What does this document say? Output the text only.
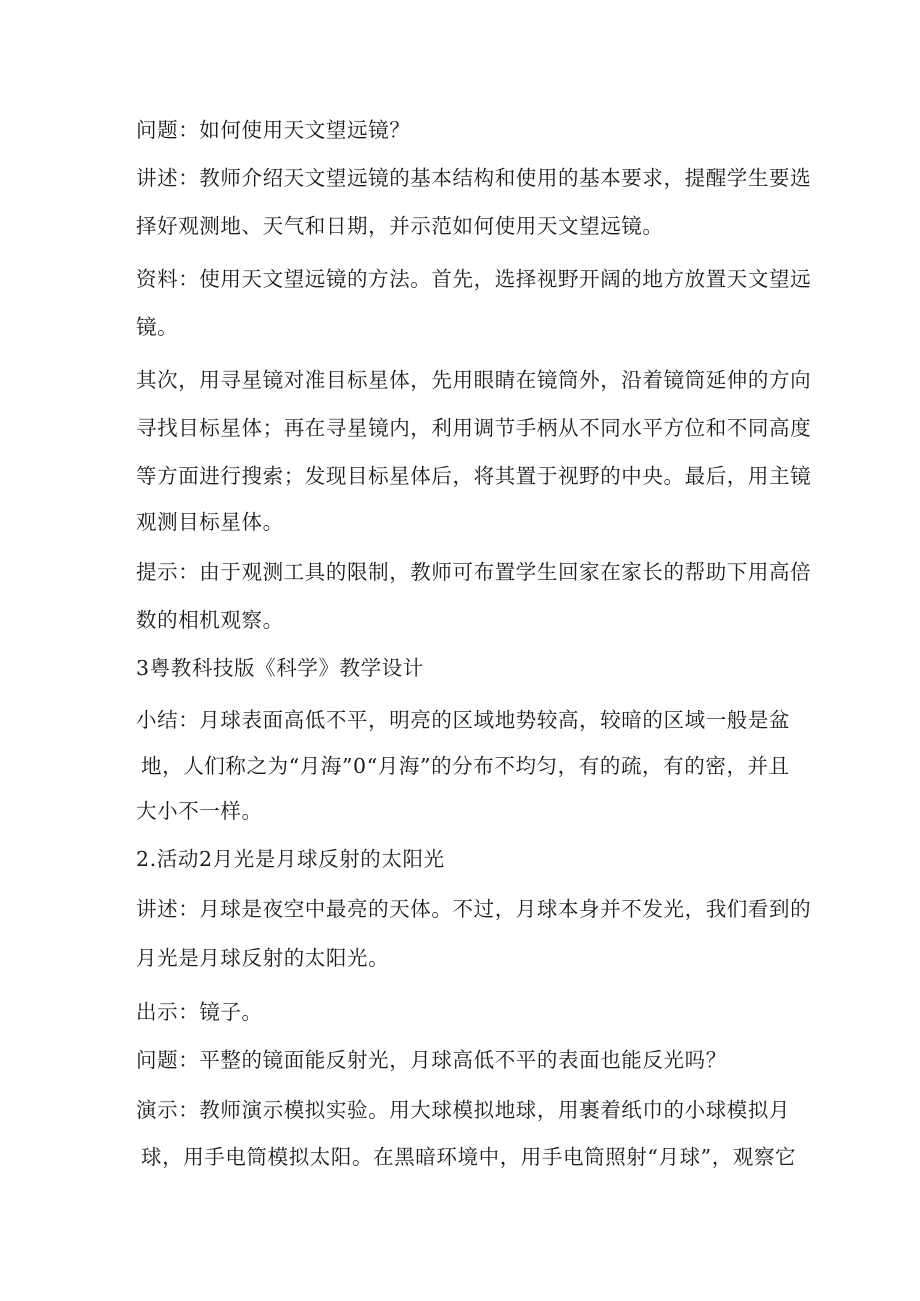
问题：如何使用天文望远镜？
讲述：教师介绍天文望远镜的基本结构和使用的基本要求，提醒学生要选
择好观测地、天气和日期，并示范如何使用天文望远镜。
资料：使用天文望远镜的方法。首先，选择视野开阔的地方放置天文望远
镜。
其次，用寻星镜对准目标星体，先用眼睛在镜筒外，沿着镜筒延伸的方向
寻找目标星体；再在寻星镜内，利用调节手柄从不同水平方位和不同高度
等方面进行搜索；发现目标星体后，将其置于视野的中央。最后，用主镜
观测目标星体。
提示：由于观测工具的限制，教师可布置学生回家在家长的帮助下用高倍
数的相机观察。
3粤教科技版《科学》教学设计
小结：月球表面高低不平，明亮的区域地势较高，较暗的区域一般是盆
地，人们称之为“月海”0“月海”的分布不均匀，有的疏，有的密，并且
大小不一样。
2.活动2月光是月球反射的太阳光
讲述：月球是夜空中最亮的天体。不过，月球本身并不发光，我们看到的
月光是月球反射的太阳光。
出示：镜子。
问题：平整的镜面能反射光，月球高低不平的表面也能反光吗？
演示：教师演示模拟实验。用大球模拟地球，用裹着纸巾的小球模拟月
球，用手电筒模拟太阳。在黑暗环境中，用手电筒照射“月球”，观察它
